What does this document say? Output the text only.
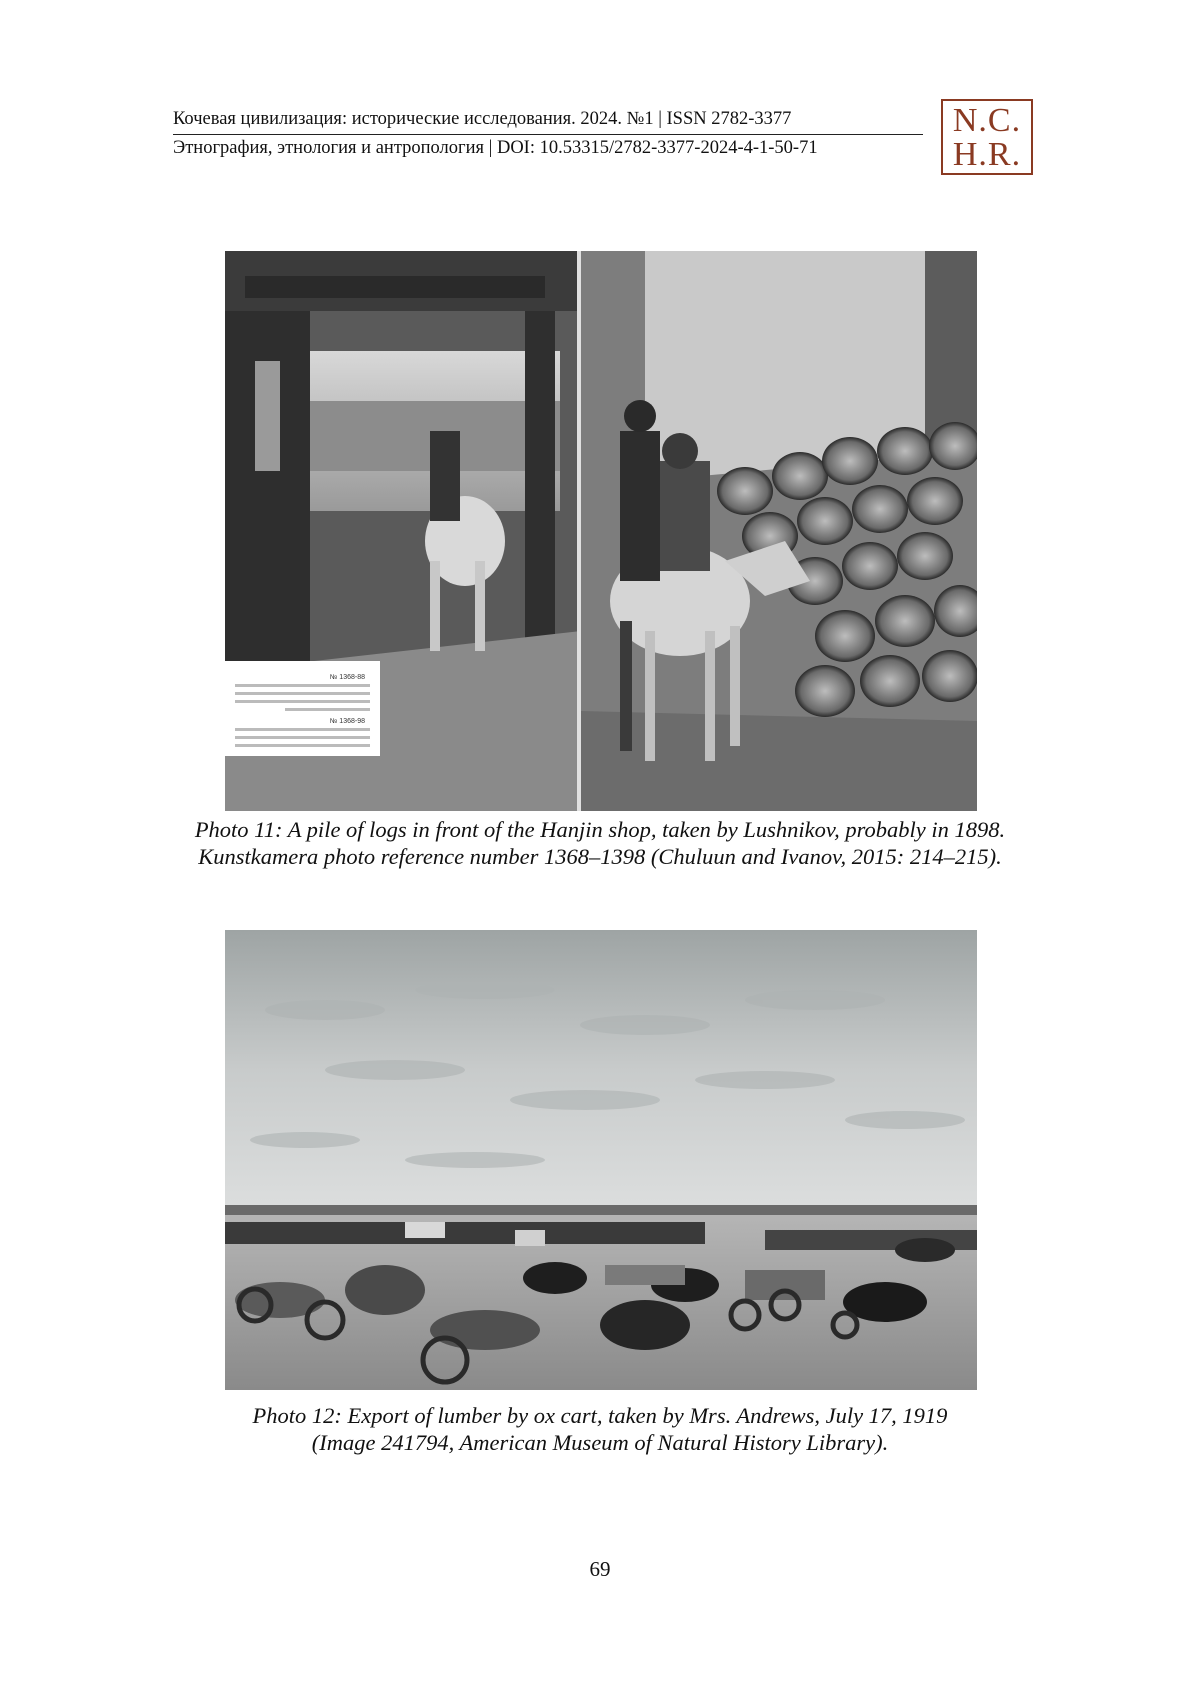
Кочевая цивилизация: исторические исследования. 2024. №1 | ISSN 2782-3377
Этнография, этнология и антропология | DOI: 10.53315/2782-3377-2024-4-1-50-71
N.C.
H.R.
№ 1368-88
№ 1368-98
Photo 11: A pile of logs in front of the Hanjin shop, taken by Lushnikov, probably in 1898.
Kunstkamera photo reference number 1368–1398 (Chuluun and Ivanov, 2015: 214–215).
Photo 12: Export of lumber by ox cart, taken by Mrs. Andrews, July 17, 1919
(Image 241794, American Museum of Natural History Library).
69
